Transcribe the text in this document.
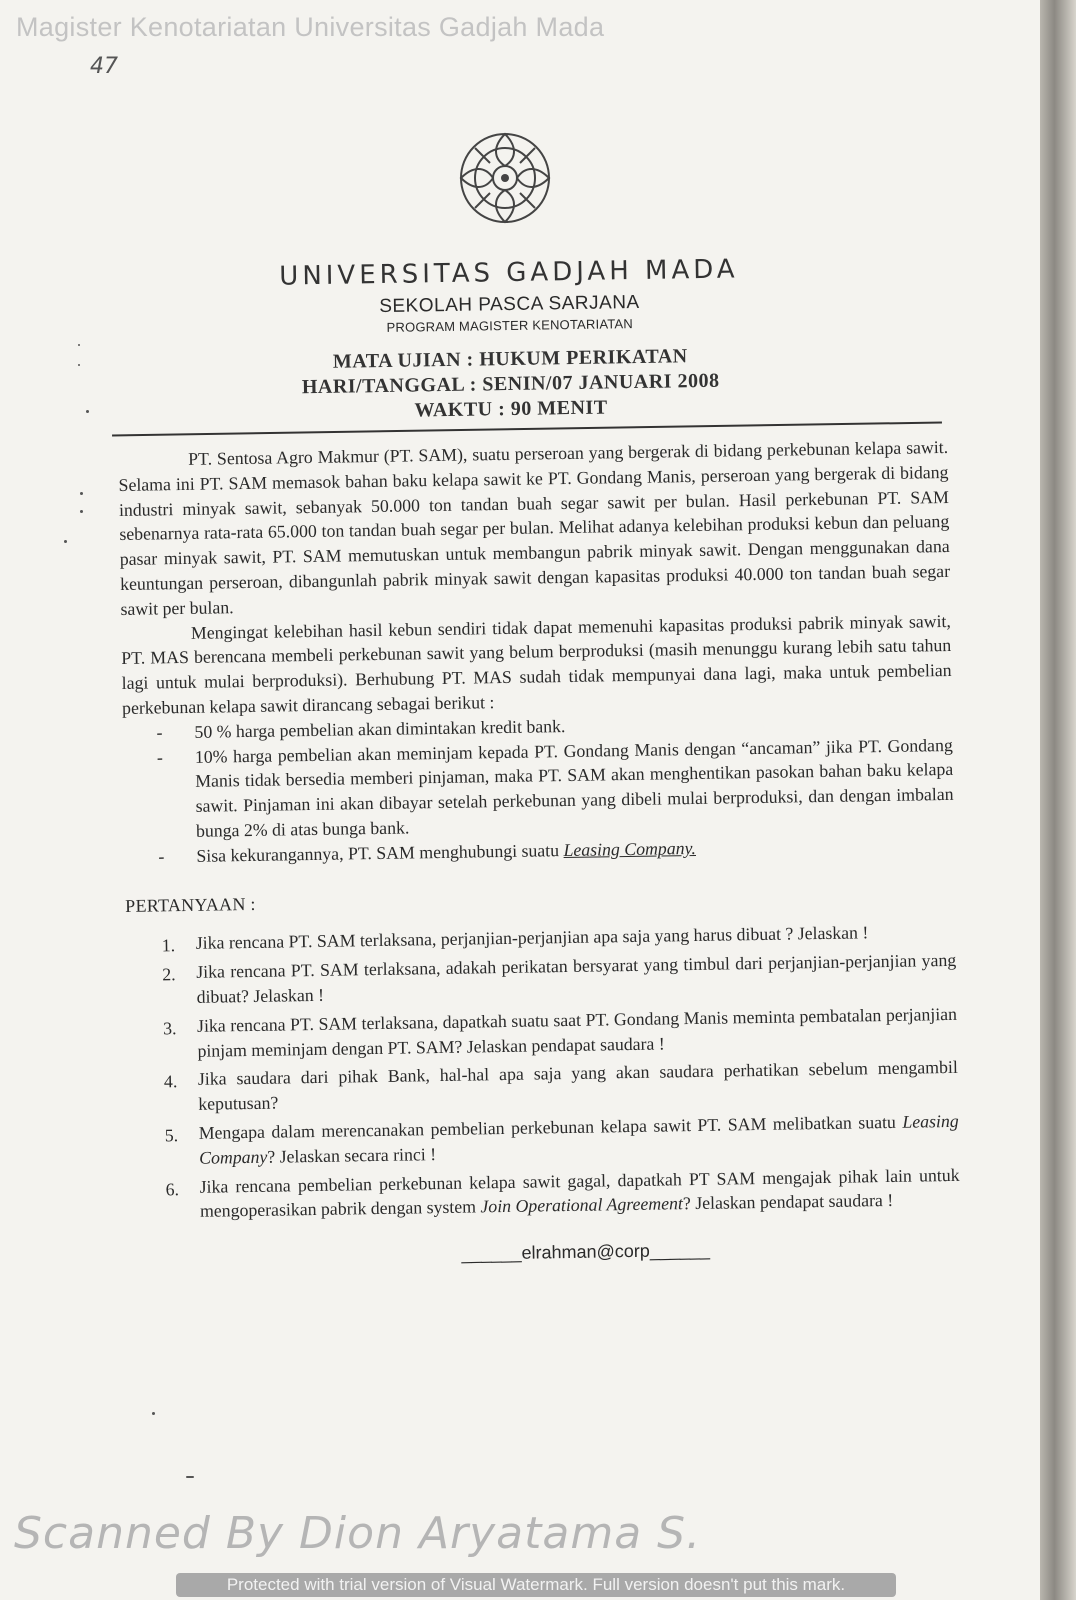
Magister Kenotariatan Universitas Gadjah Mada
47
UNIVERSITAS GADJAH MADA
SEKOLAH PASCA SARJANA
PROGRAM MAGISTER KENOTARIATAN
MATA UJIAN : HUKUM PERIKATAN
HARI/TANGGAL : SENIN/07 JANUARI 2008
WAKTU : 90 MENIT

PT. Sentosa Agro Makmur (PT. SAM), suatu perseroan yang bergerak di bidang perkebunan kelapa sawit. Selama ini PT. SAM memasok bahan baku kelapa sawit ke PT. Gondang Manis, perseroan yang bergerak di bidang industri minyak sawit, sebanyak 50.000 ton tandan buah segar sawit per bulan. Hasil perkebunan PT. SAM sebenarnya rata-rata 65.000 ton tandan buah segar per bulan. Melihat adanya kelebihan produksi kebun dan peluang pasar minyak sawit, PT. SAM memutuskan untuk membangun pabrik minyak sawit. Dengan menggunakan dana keuntungan perseroan, dibangunlah pabrik minyak sawit dengan kapasitas produksi 40.000 ton tandan buah segar sawit per bulan.

Mengingat kelebihan hasil kebun sendiri tidak dapat memenuhi kapasitas produksi pabrik minyak sawit, PT. MAS berencana membeli perkebunan sawit yang belum berproduksi (masih menunggu kurang lebih satu tahun lagi untuk mulai berproduksi). Berhubung PT. MAS sudah tidak mempunyai dana lagi, maka untuk pembelian perkebunan kelapa sawit dirancang sebagai berikut :

- 50 % harga pembelian akan dimintakan kredit bank.
- 10% harga pembelian akan meminjam kepada PT. Gondang Manis dengan “ancaman” jika PT. Gondang Manis tidak bersedia memberi pinjaman, maka PT. SAM akan menghentikan pasokan bahan baku kelapa sawit. Pinjaman ini akan dibayar setelah perkebunan yang dibeli mulai berproduksi, dan dengan imbalan bunga 2% di atas bunga bank.
- Sisa kekurangannya, PT. SAM menghubungi suatu Leasing Company.
PERTANYAAN :
1. Jika rencana PT. SAM terlaksana, perjanjian-perjanjian apa saja yang harus dibuat ? Jelaskan !
2. Jika rencana PT. SAM terlaksana, adakah perikatan bersyarat yang timbul dari perjanjian-perjanjian yang dibuat? Jelaskan !
3. Jika rencana PT. SAM terlaksana, dapatkah suatu saat PT. Gondang Manis meminta pembatalan perjanjian pinjam meminjam dengan PT. SAM? Jelaskan pendapat saudara !
4. Jika saudara dari pihak Bank, hal-hal apa saja yang akan saudara perhatikan sebelum mengambil keputusan?
5. Mengapa dalam merencanakan pembelian perkebunan kelapa sawit PT. SAM melibatkan suatu Leasing Company? Jelaskan secara rinci !
6. Jika rencana pembelian perkebunan kelapa sawit gagal, dapatkah PT SAM mengajak pihak lain untuk mengoperasikan pabrik dengan system Join Operational Agreement? Jelaskan pendapat saudara !
______elrahman@corp______
Scanned By Dion Aryatama S.
Protected with trial version of Visual Watermark. Full version doesn't put this mark.
